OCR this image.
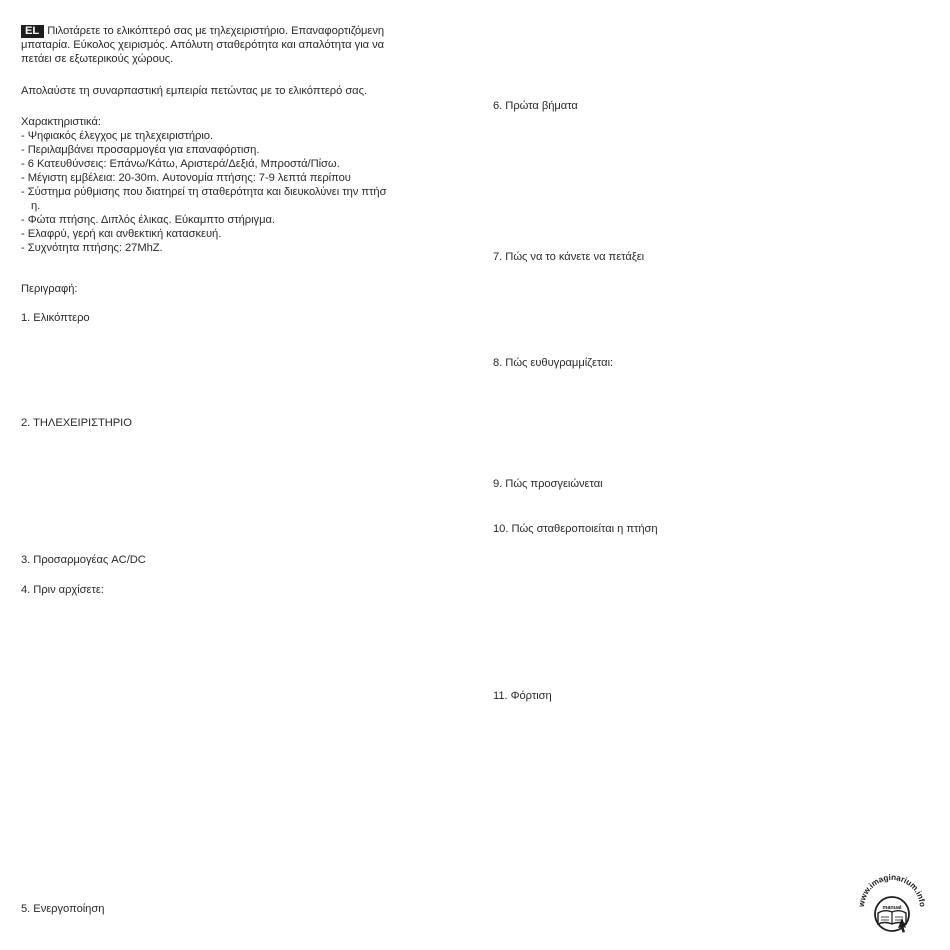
EL Πιλοτάρετε το ελικόπτερό σας με τηλεχειριστήριο. Επαναφορτιζόμενη
μπαταρία. Εύκολος χειρισμός. Απόλυτη σταθερότητα και απαλότητα για να
πετάει σε εξωτερικούς χώρους.
Απολαύστε τη συναρπαστική εμπειρία πετώντας με το ελικόπτερό σας.
Χαρακτηριστικά:
- Ψηφιακός έλεγχος με τηλεχειριστήριο.
- Περιλαμβάνει προσαρμογέα για επαναφόρτιση.
- 6 Κατευθύνσεις: Επάνω/Κάτω, Αριστερά/Δεξιά, Μπροστά/Πίσω.
- Μέγιστη εμβέλεια: 20-30m. Αυτονομία πτήσης: 7-9 λεπτά περίπου
- Σύστημα ρύθμισης που διατηρεί τη σταθερότητα και διευκολύνει την πτήσ
η.
- Φώτα πτήσης. Διπλός έλικας. Εύκαμπτο στήριγμα.
- Ελαφρύ, γερή και ανθεκτική κατασκευή.
- Συχνότητα πτήσης: 27MhZ.
Περιγραφή:
1. Ελικόπτερο
2. ΤΗΛΕΧΕΙΡΙΣΤΗΡΙΟ
3. Προσαρμογέας AC/DC
4. Πριν αρχίσετε:
5. Ενεργοποίηση
6. Πρώτα βήματα
7. Πώς να το κάνετε να πετάξει
8. Πώς ευθυγραμμίζεται:
9. Πώς προσγειώνεται
10. Πώς σταθεροποιείται η πτήση
11. Φόρτιση
www.imaginarium.info
manual
